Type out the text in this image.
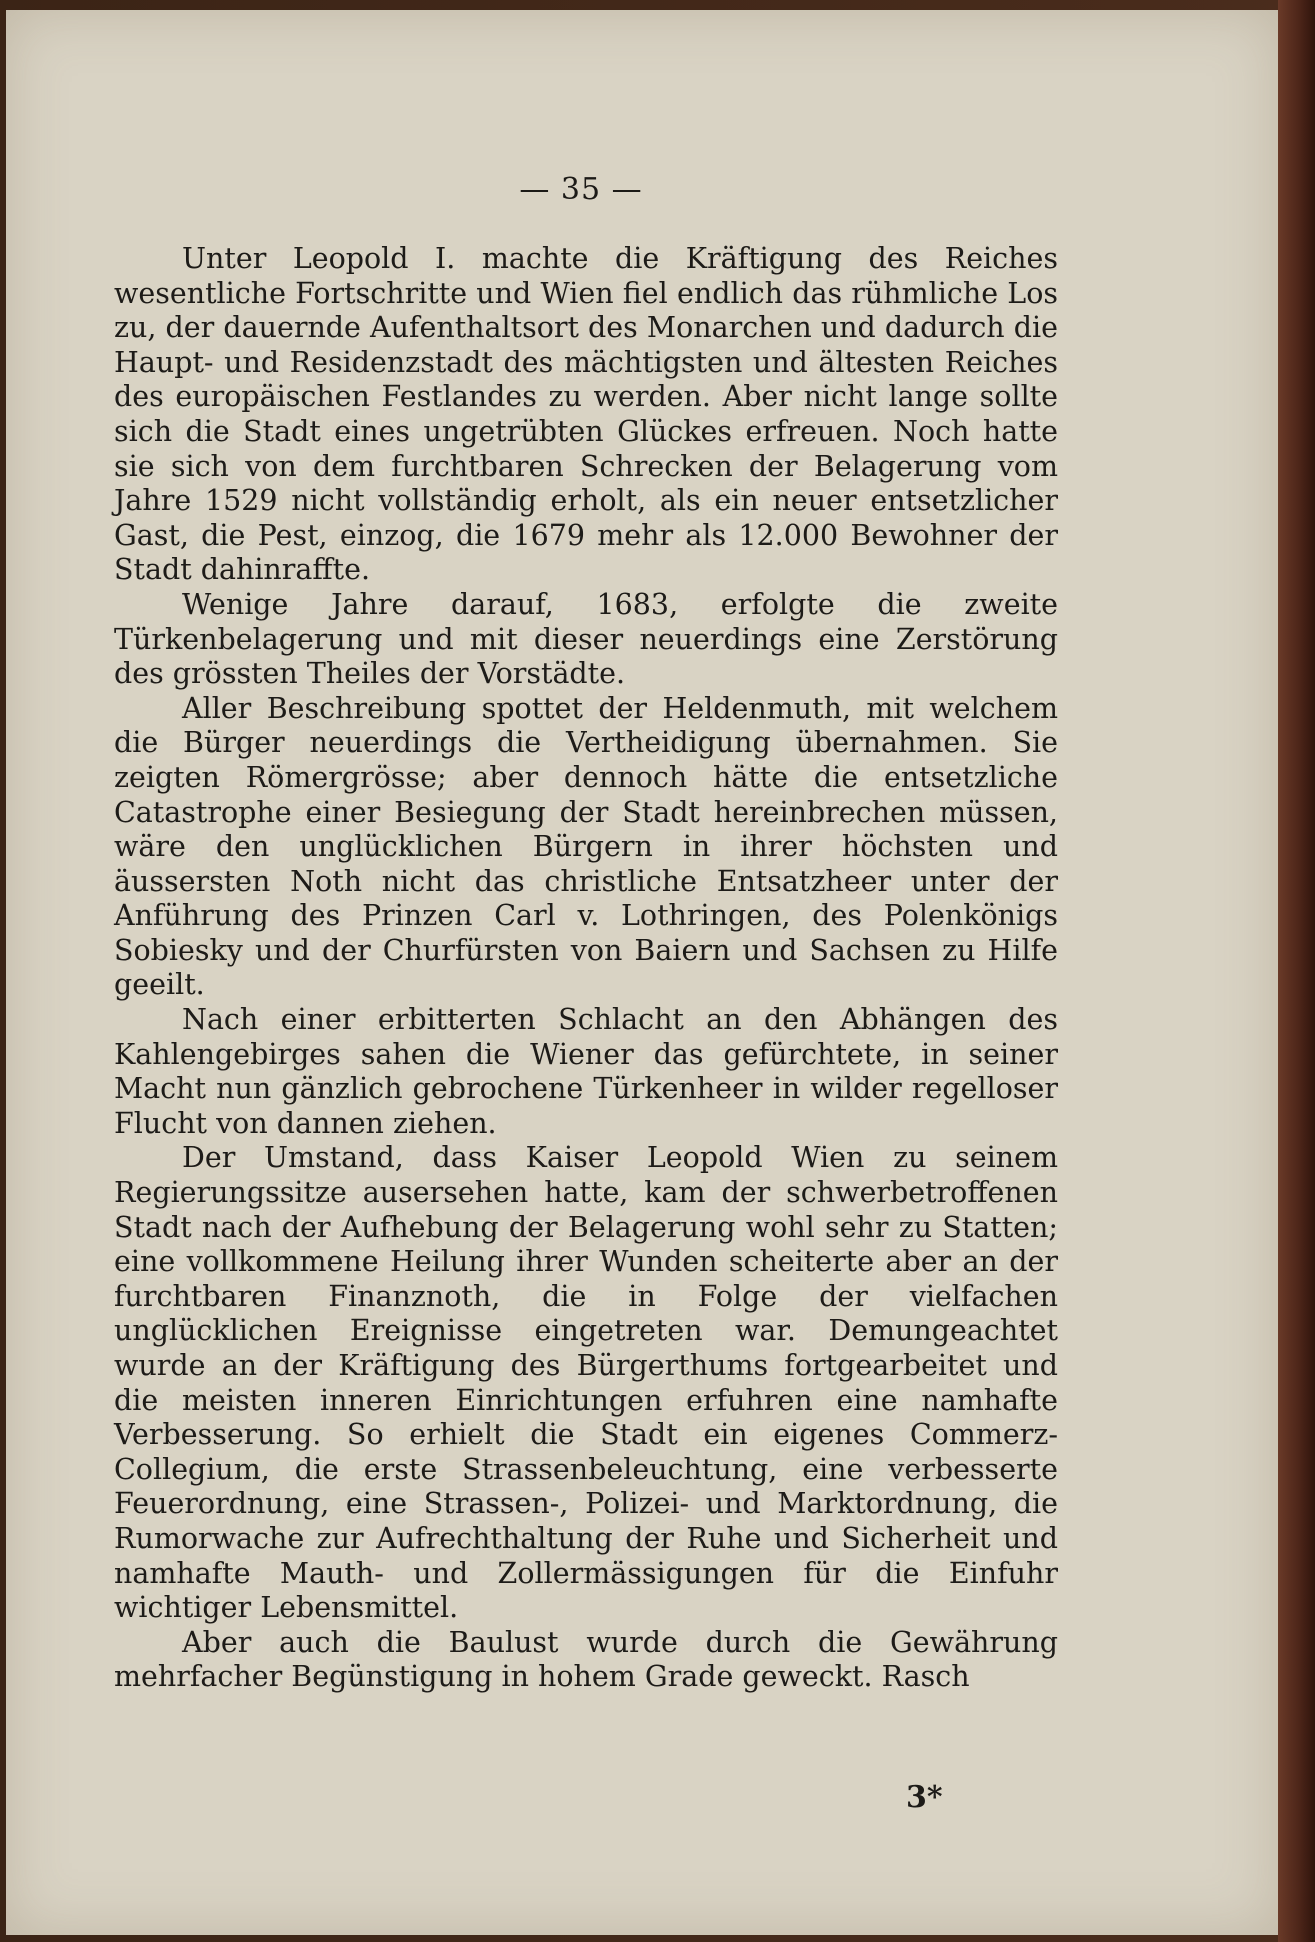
— 35 —

Unter Leopold I. machte die Kräftigung des Reiches wesentliche Fortschritte und Wien fiel endlich das rühmliche Los zu, der dauernde Aufenthaltsort des Monarchen und dadurch die Haupt- und Residenzstadt des mächtigsten und ältesten Reiches des europäischen Festlandes zu werden. Aber nicht lange sollte sich die Stadt eines ungetrübten Glückes erfreuen. Noch hatte sie sich von dem furchtbaren Schrecken der Belagerung vom Jahre 1529 nicht vollständig erholt, als ein neuer entsetzlicher Gast, die Pest, einzog, die 1679 mehr als 12.000 Bewohner der Stadt dahinraffte.

Wenige Jahre darauf, 1683, erfolgte die zweite Türkenbelagerung und mit dieser neuerdings eine Zerstörung des grössten Theiles der Vorstädte.

Aller Beschreibung spottet der Heldenmuth, mit welchem die Bürger neuerdings die Vertheidigung übernahmen. Sie zeigten Römergrösse; aber dennoch hätte die entsetzliche Catastrophe einer Besiegung der Stadt hereinbrechen müssen, wäre den unglücklichen Bürgern in ihrer höchsten und äussersten Noth nicht das christliche Entsatzheer unter der Anführung des Prinzen Carl v. Lothringen, des Polenkönigs Sobiesky und der Churfürsten von Baiern und Sachsen zu Hilfe geeilt.

Nach einer erbitterten Schlacht an den Abhängen des Kahlengebirges sahen die Wiener das gefürchtete, in seiner Macht nun gänzlich gebrochene Türkenheer in wilder regelloser Flucht von dannen ziehen.

Der Umstand, dass Kaiser Leopold Wien zu seinem Regierungssitze ausersehen hatte, kam der schwerbetroffenen Stadt nach der Aufhebung der Belagerung wohl sehr zu Statten; eine vollkommene Heilung ihrer Wunden scheiterte aber an der furchtbaren Finanznoth, die in Folge der vielfachen unglücklichen Ereignisse eingetreten war. Demungeachtet wurde an der Kräftigung des Bürgerthums fortgearbeitet und die meisten inneren Einrichtungen erfuhren eine namhafte Verbesserung. So erhielt die Stadt ein eigenes Commerz-Collegium, die erste Strassenbeleuchtung, eine verbesserte Feuerordnung, eine Strassen-, Polizei- und Marktordnung, die Rumorwache zur Aufrechthaltung der Ruhe und Sicherheit und namhafte Mauth- und Zollermässigungen für die Einfuhr wichtiger Lebensmittel.

Aber auch die Baulust wurde durch die Gewährung mehrfacher Begünstigung in hohem Grade geweckt. Rasch

3*
